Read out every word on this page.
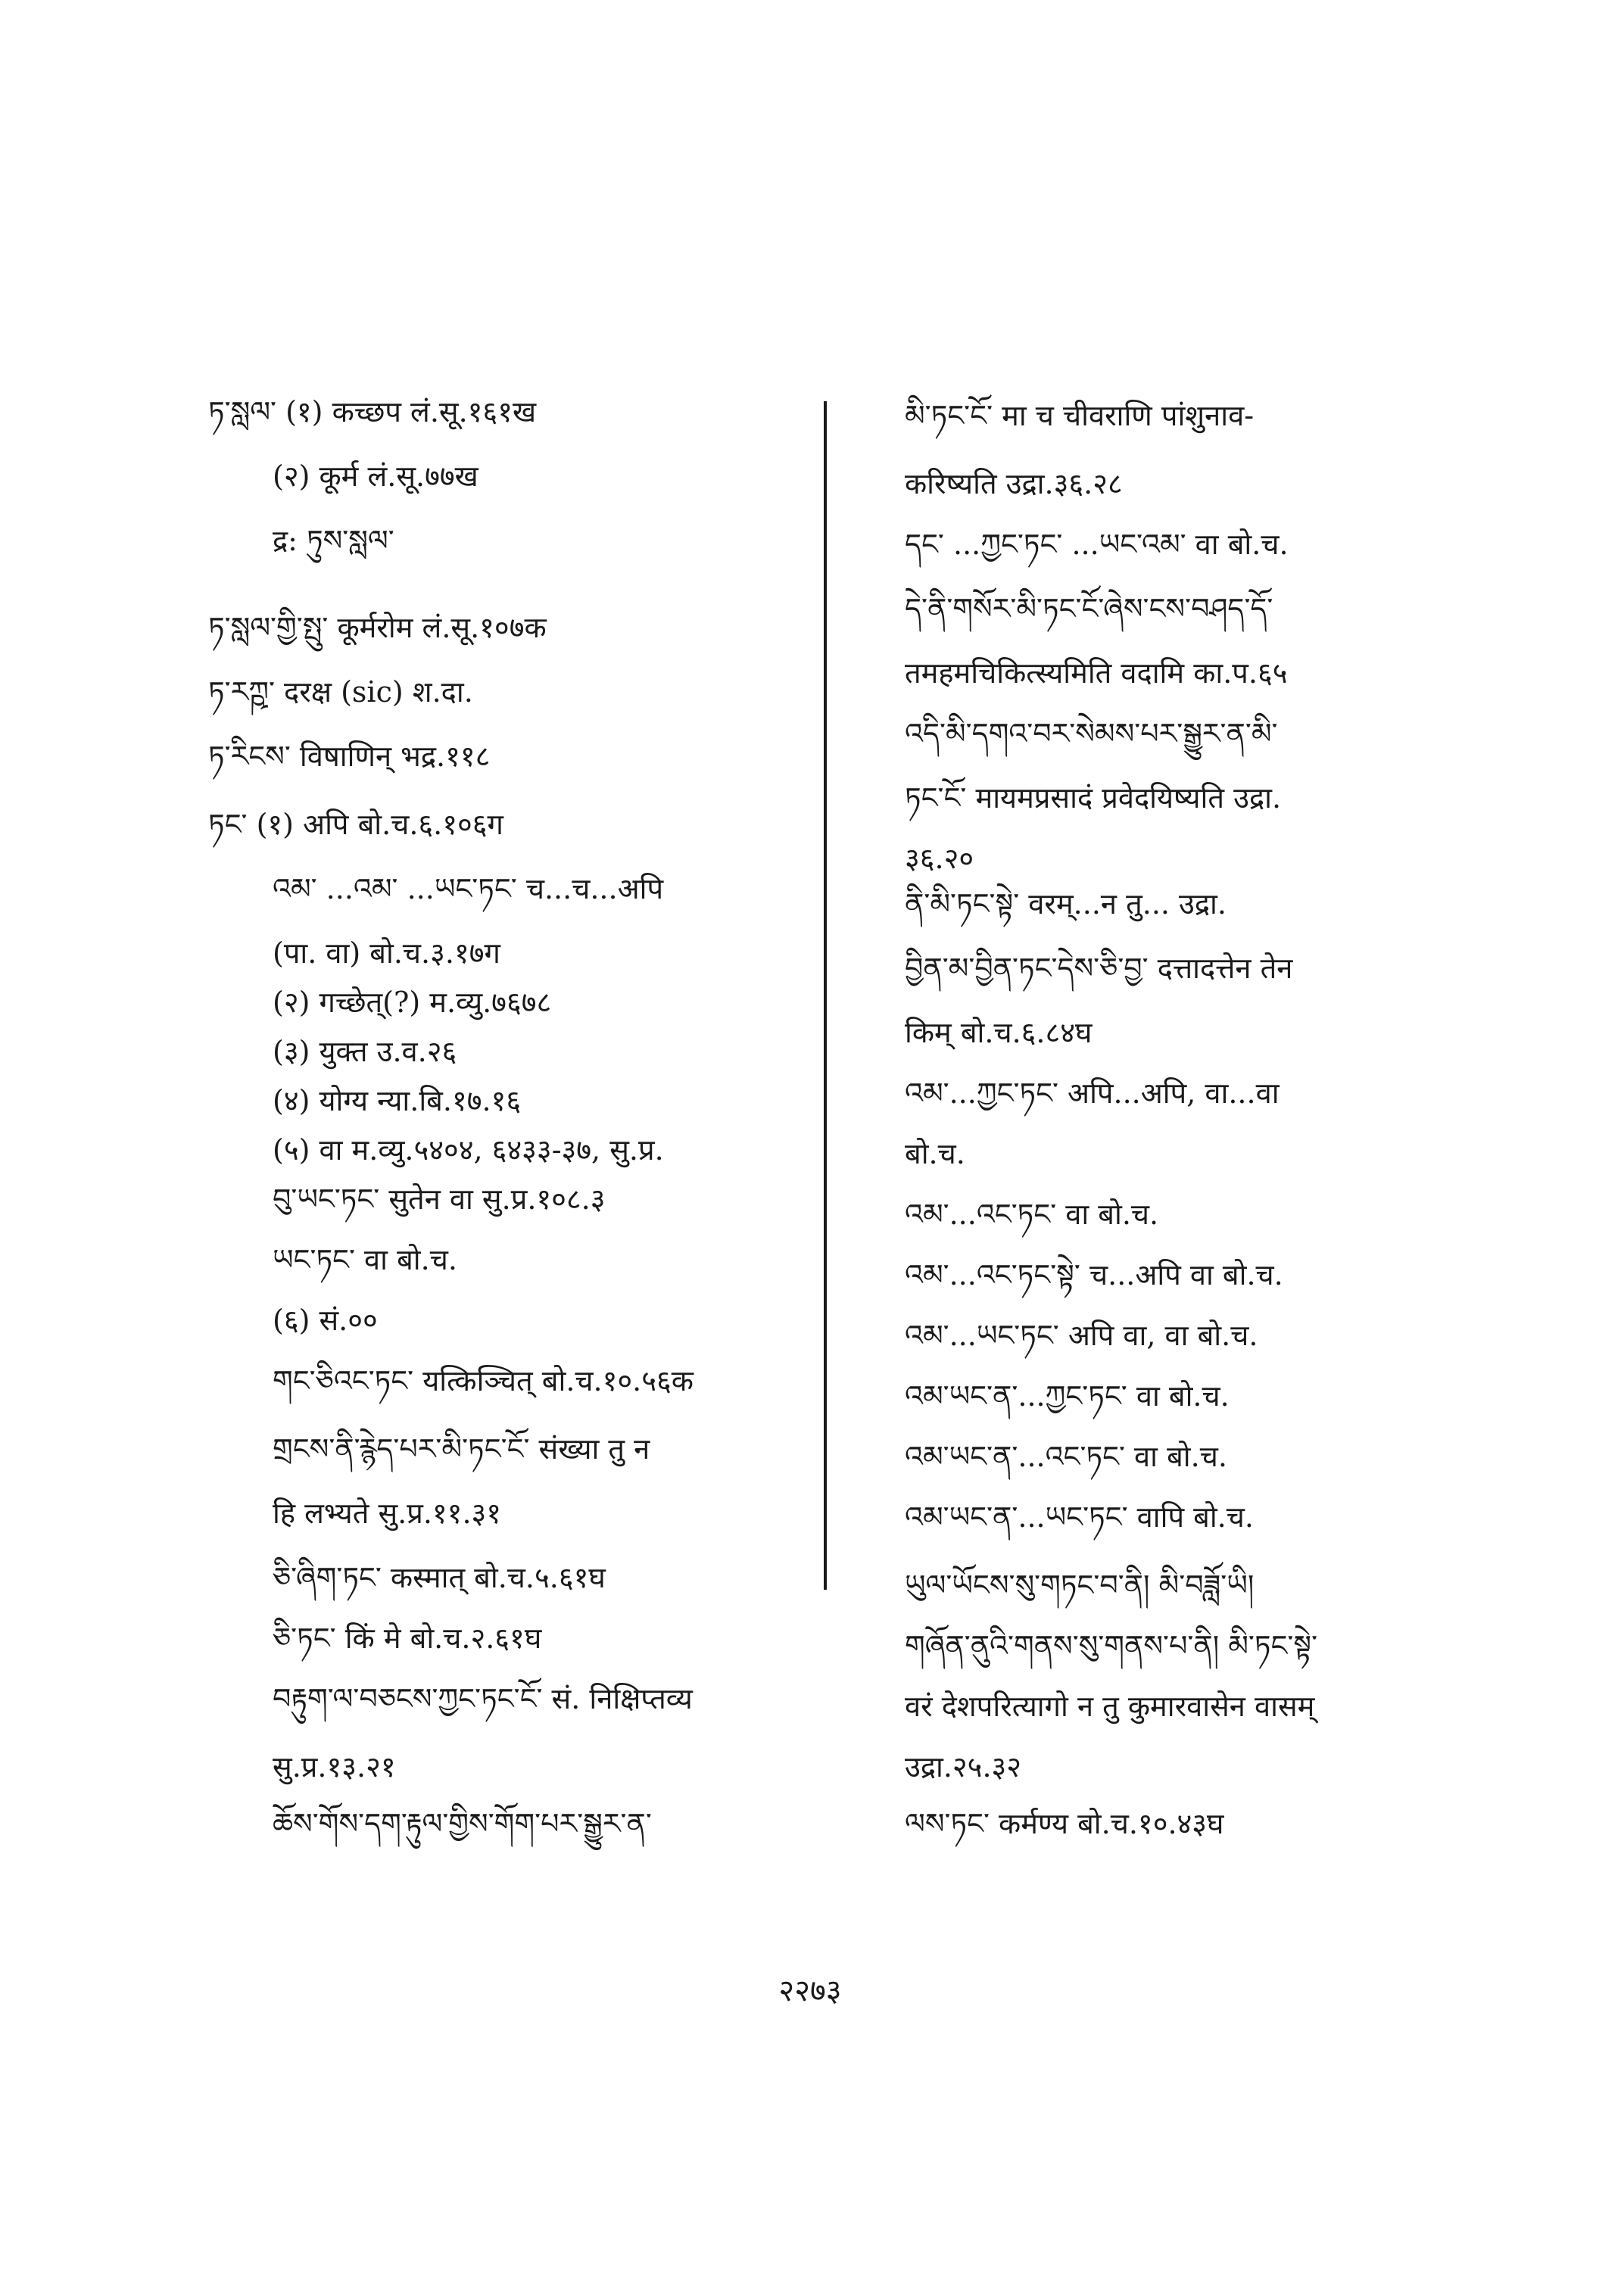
ཏ་སླལ་ (१) कच्छप लं.सू.१६१ख
(२) कूर्म लं.सू.७७ख
द्र: ཏུས་སླལ་
ཏ་སླལ་གྱི་སྤུ་ कूर्मरोम लं.सू.१०७क
ཏ་རཀྵ་ दरक्ष (sic) श.दा.
ཏ་རིངས་ विषाणिन् भद्र.११८
ཏང་ (१) अपि बो.च.६.१०६ग
འམ་ ...འམ་ ...ཡང་ཏང་ च...च...अपि
(पा. वा) बो.च.३.१७ग
(२) गच्छेत्(?) म.व्यु.७६७८
(३) युक्त उ.व.२६
(४) योग्य न्या.बि.१७.१६
(५) वा म.व्यु.५४०४, ६४३३-३७, सु.प्र.
བུ་ཡང་ཏང་ सुतेन वा सु.प्र.१०८.३
ཡང་ཏང་ वा बो.च.
(६) सं.००
གང་ཅིའང་ཏང་ यत्किञ्चित् बो.च.१०.५६क
གྲངས་ནི་རྙེད་པར་མི་ཏང་ངོ་ संख्या तु न
हि लभ्यते सु.प्र.११.३१
ཅི་ཞིག་ཏང་ कस्मात् बो.च.५.६१घ
ཅི་ཏང་ किं मे बो.च.२.६१घ
བརྟུག་ལ་བཅངས་ཀྱང་ཏང་ངོ་ सं. निक्षिप्तव्य
सु.प्र.१३.२१
ཆོས་གོས་དག་རྟུལ་གྱིས་གོག་པར་སྒྱུར་ན་
མི་ཏང་ངོ་ मा च चीवराणि पांशुनाव-
करिष्यति उद्रा.३६.२८
དང་ ...ཀྱང་ཏང་ ...ཡང་འམ་ वा बो.च.
དེ་ནི་གསོར་མི་ཏང་ངོ་ཞེས་ངས་བཤད་དོ་
तमहमचिकित्स्यमिति वदामि का.प.६५
འདི་མི་དགའ་བར་སེམས་པར་སྒྱུར་ན་མི་
ཏང་ངོ་ मायमप्रसादं प्रवेदयिष्यति उद्रा.
३६.२०
ནི་མི་ཏང་སྟེ་ वरम्...न तु... उद्रा.
བྱིན་མ་བྱིན་ཏང་དེས་ཅི་བྱ་ दत्तादत्तेन तेन
किम् बो.च.६.८४घ
འམ་...ཀྱང་ཏང་ अपि...अपि, वा...वा
बो.च.
འམ་...འང་ཏང་ वा बो.च.
འམ་...འང་ཏང་སྟེ་ च...अपि वा बो.च.
འམ་...ཡང་ཏང་ अपि वा, वा बो.च.
འམ་ཡང་ན་...ཀྱང་ཏང་ वा बो.च.
འམ་ཡང་ན་...འང་ཏང་ वा बो.च.
འམ་ཡང་ན་...ཡང་ཏང་ वापि बो.च.
ཡུལ་ཡོངས་སུ་གཏང་བ་ནི། མི་བཟློ་ཡི།
གཞོན་ནུའི་གནས་སུ་གནས་པ་ནི། མི་ཏང་སྟེ་
वरं देशपरित्यागो न तु कुमारवासेन वासम्
उद्रा.२५.३२
ལས་ཏང་ कर्मण्य बो.च.१०.४३घ
२२७३
